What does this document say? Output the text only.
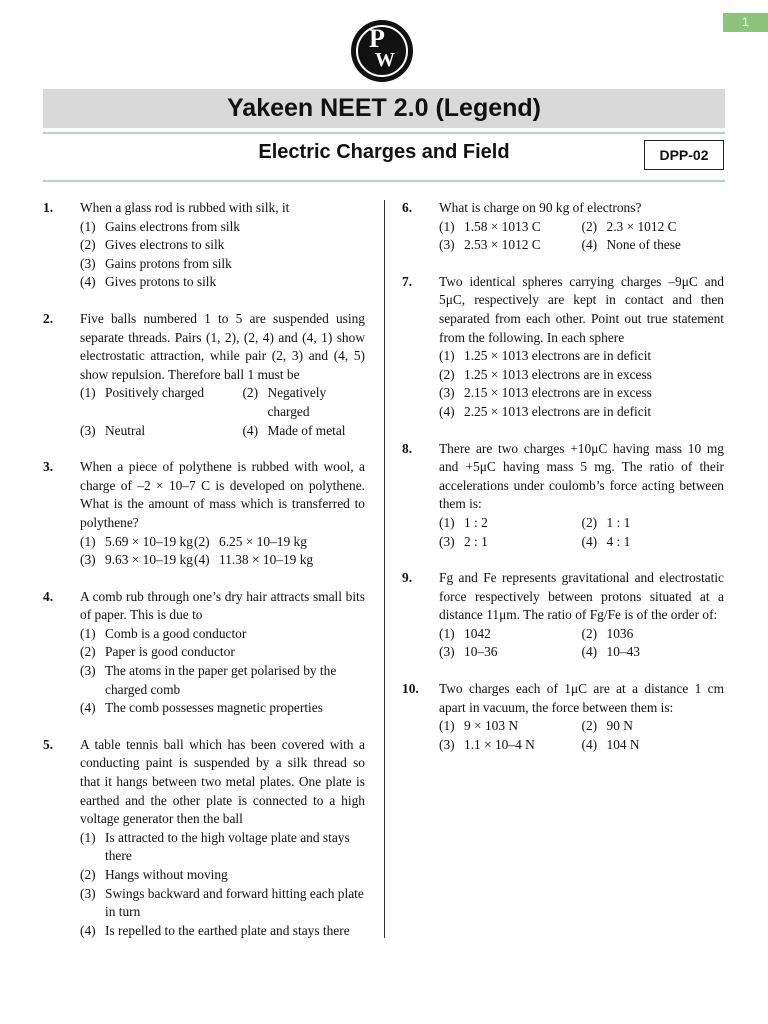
1
P
W
Yakeen NEET 2.0 (Legend)
Electric Charges and Field	DPP-02
1. When a glass rod is rubbed with silk, it
(1) Gains electrons from silk
(2) Gives electrons to silk
(3) Gains protons from silk
(4) Gives protons to silk
2. Five balls numbered 1 to 5 are suspended using separate threads. Pairs (1, 2), (2, 4) and (4, 1) show electrostatic attraction, while pair (2, 3) and (4, 5) show repulsion. Therefore ball 1 must be
(1) Positively charged	(2) Negatively charged
(3) Neutral	(4) Made of metal
3. When a piece of polythene is rubbed with wool, a charge of –2 × 10–7 C is developed on polythene. What is the amount of mass which is transferred to polythene?
(1) 5.69 × 10–19 kg (2) 6.25 × 10–19 kg
(3) 9.63 × 10–19 kg (4) 11.38 × 10–19 kg
4. A comb rub through one’s dry hair attracts small bits of paper. This is due to
(1) Comb is a good conductor
(2) Paper is good conductor
(3) The atoms in the paper get polarised by the charged comb
(4) The comb possesses magnetic properties
5. A table tennis ball which has been covered with a conducting paint is suspended by a silk thread so that it hangs between two metal plates. One plate is earthed and the other plate is connected to a high voltage generator then the ball
(1) Is attracted to the high voltage plate and stays there
(2) Hangs without moving
(3) Swings backward and forward hitting each plate in turn
(4) Is repelled to the earthed plate and stays there
6. What is charge on 90 kg of electrons?
(1) 1.58 × 1013 C	(2) 2.3 × 1012 C
(3) 2.53 × 1012 C	(4) None of these
7. Two identical spheres carrying charges –9μC and 5μC, respectively are kept in contact and then separated from each other. Point out true statement from the following. In each sphere
(1) 1.25 × 1013 electrons are in deficit
(2) 1.25 × 1013 electrons are in excess
(3) 2.15 × 1013 electrons are in excess
(4) 2.25 × 1013 electrons are in deficit
8. There are two charges +10μC having mass 10 mg and +5μC having mass 5 mg. The ratio of their accelerations under coulomb’s force acting between them is:
(1) 1 : 2	(2) 1 : 1
(3) 2 : 1	(4) 4 : 1
9. Fg and Fe represents gravitational and electrostatic force respectively between protons situated at a distance 11μm. The ratio of Fg/Fe is of the order of:
(1) 1042	(2) 1036
(3) 10–36	(4) 10–43
10. Two charges each of 1μC are at a distance 1 cm apart in vacuum, the force between them is:
(1) 9 × 103 N	(2) 90 N
(3) 1.1 × 10–4 N	(4) 104 N
